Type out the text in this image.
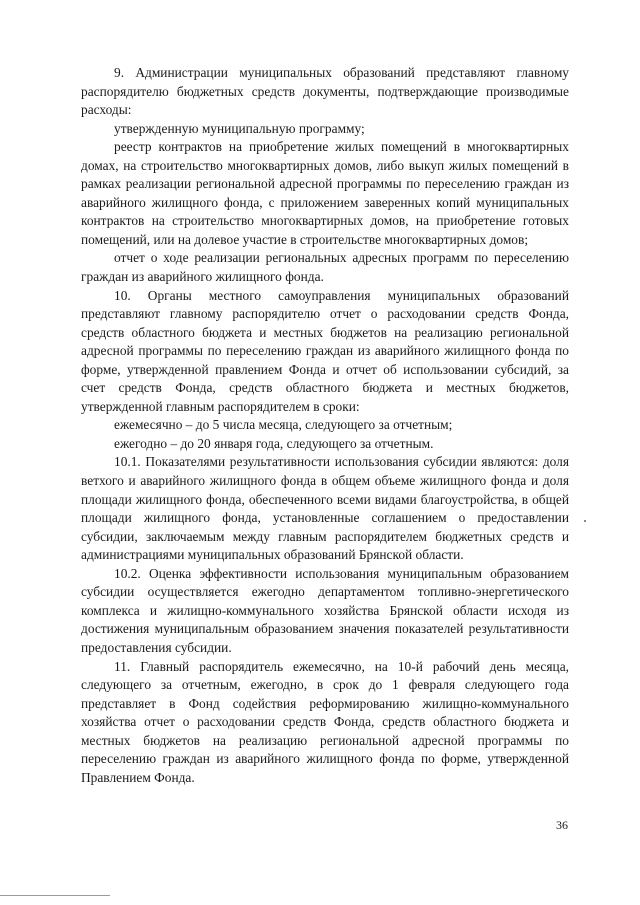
9. Администрации муниципальных образований представляют главному распорядителю бюджетных средств документы, подтверждающие производимые расходы:

утвержденную муниципальную программу;

реестр контрактов на приобретение жилых помещений в многоквартирных домах, на строительство многоквартирных домов, либо выкуп жилых помещений в рамках реализации региональной адресной программы по переселению граждан из аварийного жилищного фонда, с приложением заверенных копий муниципальных контрактов на строительство многоквартирных домов, на приобретение готовых помещений, или на долевое участие в строительстве многоквартирных домов;

отчет о ходе реализации региональных адресных программ по переселению граждан из аварийного жилищного фонда.

10. Органы местного самоуправления муниципальных образований представляют главному распорядителю отчет о расходовании средств Фонда, средств областного бюджета и местных бюджетов на реализацию региональной адресной программы по переселению граждан из аварийного жилищного фонда по форме, утвержденной правлением Фонда и отчет об использовании субсидий, за счет средств Фонда, средств областного бюджета и местных бюджетов, утвержденной главным распорядителем в сроки:

ежемесячно – до 5 числа месяца, следующего за отчетным;

ежегодно – до 20 января года, следующего за отчетным.

10.1. Показателями результативности использования субсидии являются: доля ветхого и аварийного жилищного фонда в общем объеме жилищного фонда и доля площади жилищного фонда, обеспеченного всеми видами благоустройства, в общей площади жилищного фонда, установленные соглашением о предоставлении субсидии, заключаемым между главным распорядителем бюджетных средств и администрациями муниципальных образований Брянской области.

10.2. Оценка эффективности использования муниципальным образованием субсидии осуществляется ежегодно департаментом топливно-энергетического комплекса и жилищно-коммунального хозяйства Брянской области исходя из достижения муниципальным образованием значения показателей результативности предоставления субсидии.

11. Главный распорядитель ежемесячно, на 10-й рабочий день месяца, следующего за отчетным, ежегодно, в срок до 1 февраля следующего года представляет в Фонд содействия реформированию жилищно-коммунального хозяйства отчет о расходовании средств Фонда, средств областного бюджета и местных бюджетов на реализацию региональной адресной программы по переселению граждан из аварийного жилищного фонда по форме, утвержденной Правлением Фонда.

36
